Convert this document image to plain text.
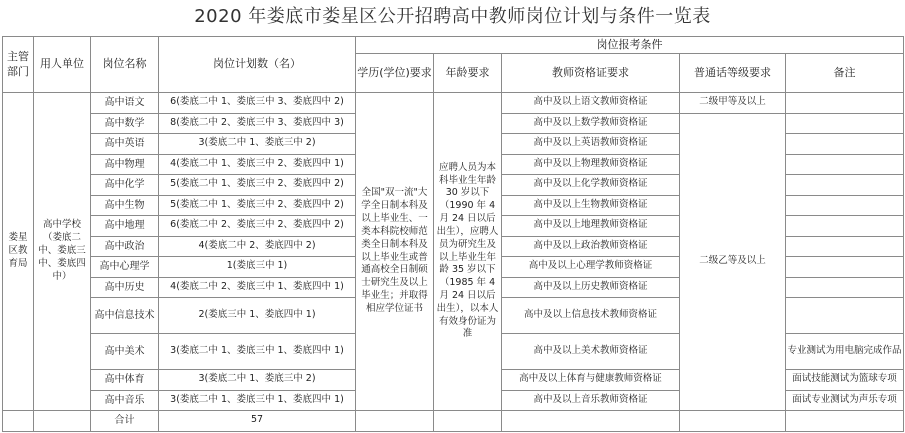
2020 年娄底市娄星区公开招聘高中教师岗位计划与条件一览表
主管部门	用人单位	岗位名称	岗位计划数（名）	岗位报考条件				
				学历(学位)要求	年龄要求	教师资格证要求	普通话等级要求	备注
娄星区教育局	高中学校（娄底二中、娄底三中、娄底四中）	高中语文	6(娄底二中 1、娄底三中 3、娄底四中 2)	全国"双一流"大学全日制本科及以上毕业生、一类本科院校师范类全日制本科及以上毕业生或普通高校全日制硕士研究生及以上毕业生；并取得相应学位证书	应聘人员为本科毕业生年龄 30 岁以下（1990 年 4 月 24 日以后出生），应聘人员为研究生及以上毕业生年龄 35 岁以下（1985 年 4 月 24 日以后出生），以本人有效身份证为准	高中及以上语文教师资格证	二级甲等及以上	
		高中数学	8(娄底二中 2、娄底三中 3、娄底四中 3)			高中及以上数学教师资格证	二级乙等及以上	
		高中英语	3(娄底二中 1、娄底三中 2)			高中及以上英语教师资格证		
		高中物理	4(娄底二中 1、娄底三中 2、娄底四中 1)			高中及以上物理教师资格证		
		高中化学	5(娄底二中 1、娄底三中 2、娄底四中 2)			高中及以上化学教师资格证		
		高中生物	5(娄底二中 1、娄底三中 2、娄底四中 2)			高中及以上生物教师资格证		
		高中地理	6(娄底二中 2、娄底三中 2、娄底四中 2)			高中及以上地理教师资格证		
		高中政治	4(娄底二中 2、娄底四中 2)			高中及以上政治教师资格证		
		高中心理学	1(娄底三中 1)			高中及以上心理学教师资格证		
		高中历史	4(娄底二中 2、娄底三中 1、娄底四中 1)			高中及以上历史教师资格证		
		高中信息技术	2(娄底三中 1、娄底四中 1)			高中及以上信息技术教师资格证		
		高中美术	3(娄底二中 1、娄底三中 1、娄底四中 1)			高中及以上美术教师资格证		专业测试为用电脑完成作品
		高中体育	3(娄底二中 1、娄底三中 2)			高中及以上体育与健康教师资格证		面试技能测试为篮球专项
		高中音乐	3(娄底二中 1、娄底三中 1、娄底四中 1)			高中及以上音乐教师资格证		面试专业测试为声乐专项
		合计	57					
